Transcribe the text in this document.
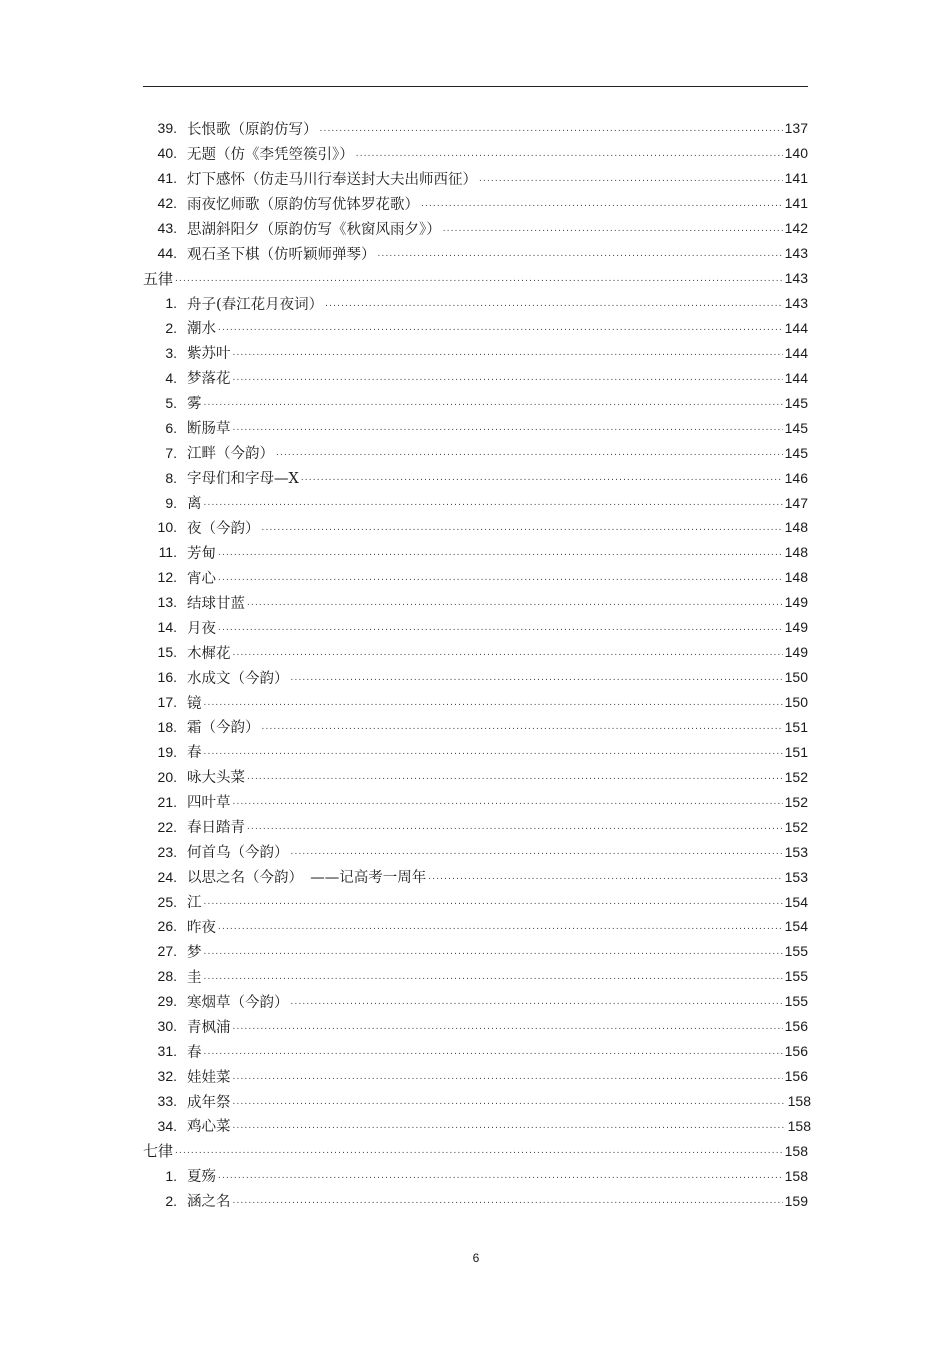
39. 长恨歌（原韵仿写） .....	137
40. 无题（仿《李凭箜篌引》） .....	140
41. 灯下感怀（仿走马川行奉送封大夫出师西征） .....	141
42. 雨夜忆师歌（原韵仿写优钵罗花歌） .....	141
43. 思湖斜阳夕（原韵仿写《秋窗风雨夕》） .....	142
44. 观石圣下棋（仿听颖师弹琴） .....	143
五律 .....	143
1. 舟子(春江花月夜词） .....	143
2. 潮水 .....	144
3. 紫苏叶 .....	144
4. 梦落花 .....	144
5. 雾 .....	145
6. 断肠草 .....	145
7. 江畔（今韵） .....	145
8. 字母们和字母—X .....	146
9. 离 .....	147
10. 夜（今韵） .....	148
11. 芳甸 .....	148
12. 宵心 .....	148
13. 结球甘蓝 .....	149
14. 月夜 .....	149
15. 木樨花 .....	149
16. 水成文（今韵） .....	150
17. 镜 .....	150
18. 霜（今韵） .....	151
19. 春 .....	151
20. 咏大头菜 .....	152
21. 四叶草 .....	152
22. 春日踏青 .....	152
23. 何首乌（今韵） .....	153
24. 以思之名（今韵）　——记高考一周年 .....	153
25. 江 .....	154
26. 昨夜 .....	154
27. 梦 .....	155
28. 圭 .....	155
29. 寒烟草（今韵） .....	155
30. 青枫浦 .....	156
31. 春 .....	156
32. 娃娃菜 .....	156
33. 成年祭 .....	158
34. 鸡心菜 .....	158
七律 .....	158
1. 夏殇 .....	158
2. 涵之名 .....	159
6
